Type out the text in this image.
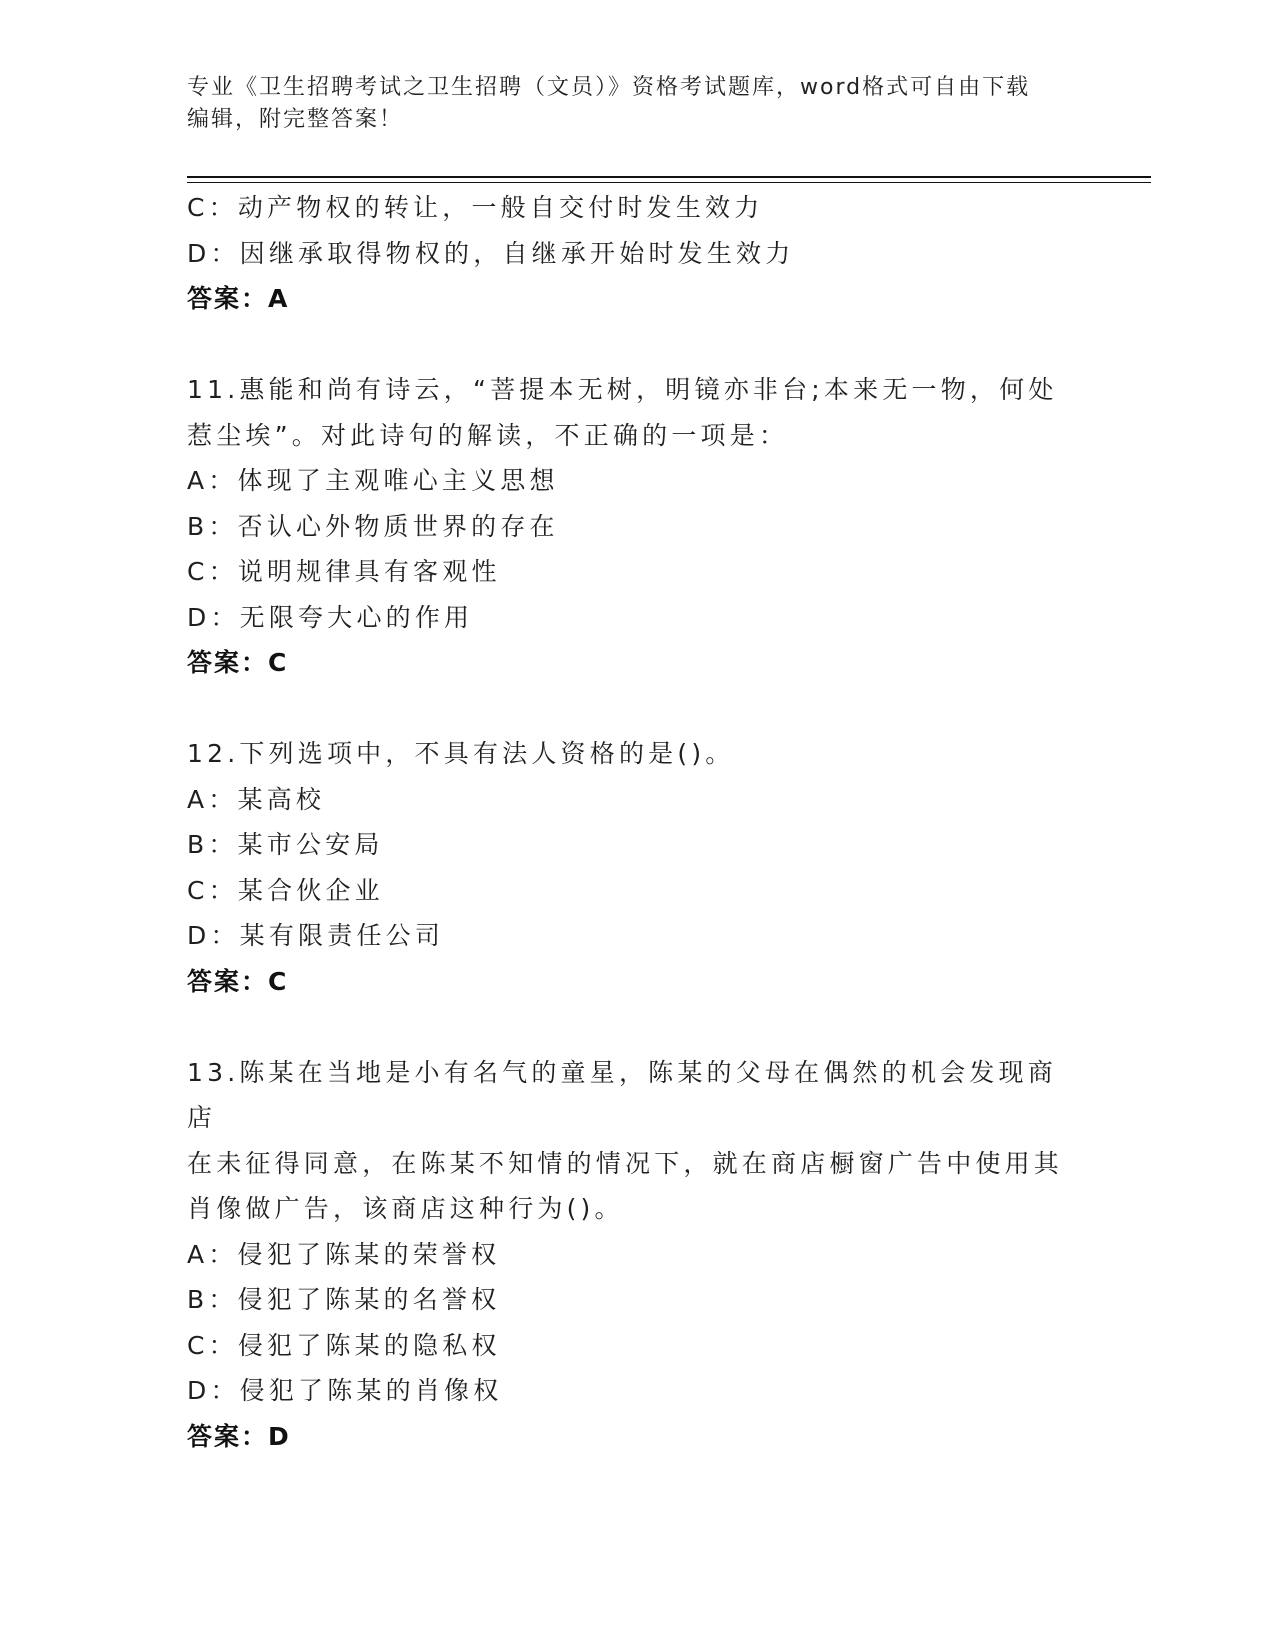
专业《卫生招聘考试之卫生招聘（文员）》资格考试题库，word格式可自由下载
编辑，附完整答案！
C：动产物权的转让，一般自交付时发生效力
D：因继承取得物权的，自继承开始时发生效力
答案：A
11.惠能和尚有诗云，“菩提本无树，明镜亦非台;本来无一物，何处
惹尘埃”。对此诗句的解读，不正确的一项是：
A：体现了主观唯心主义思想
B：否认心外物质世界的存在
C：说明规律具有客观性
D：无限夸大心的作用
答案：C
12.下列选项中，不具有法人资格的是()。
A：某高校
B：某市公安局
C：某合伙企业
D：某有限责任公司
答案：C
13.陈某在当地是小有名气的童星，陈某的父母在偶然的机会发现商店
在未征得同意，在陈某不知情的情况下，就在商店橱窗广告中使用其
肖像做广告，该商店这种行为()。
A：侵犯了陈某的荣誉权
B：侵犯了陈某的名誉权
C：侵犯了陈某的隐私权
D：侵犯了陈某的肖像权
答案：D
